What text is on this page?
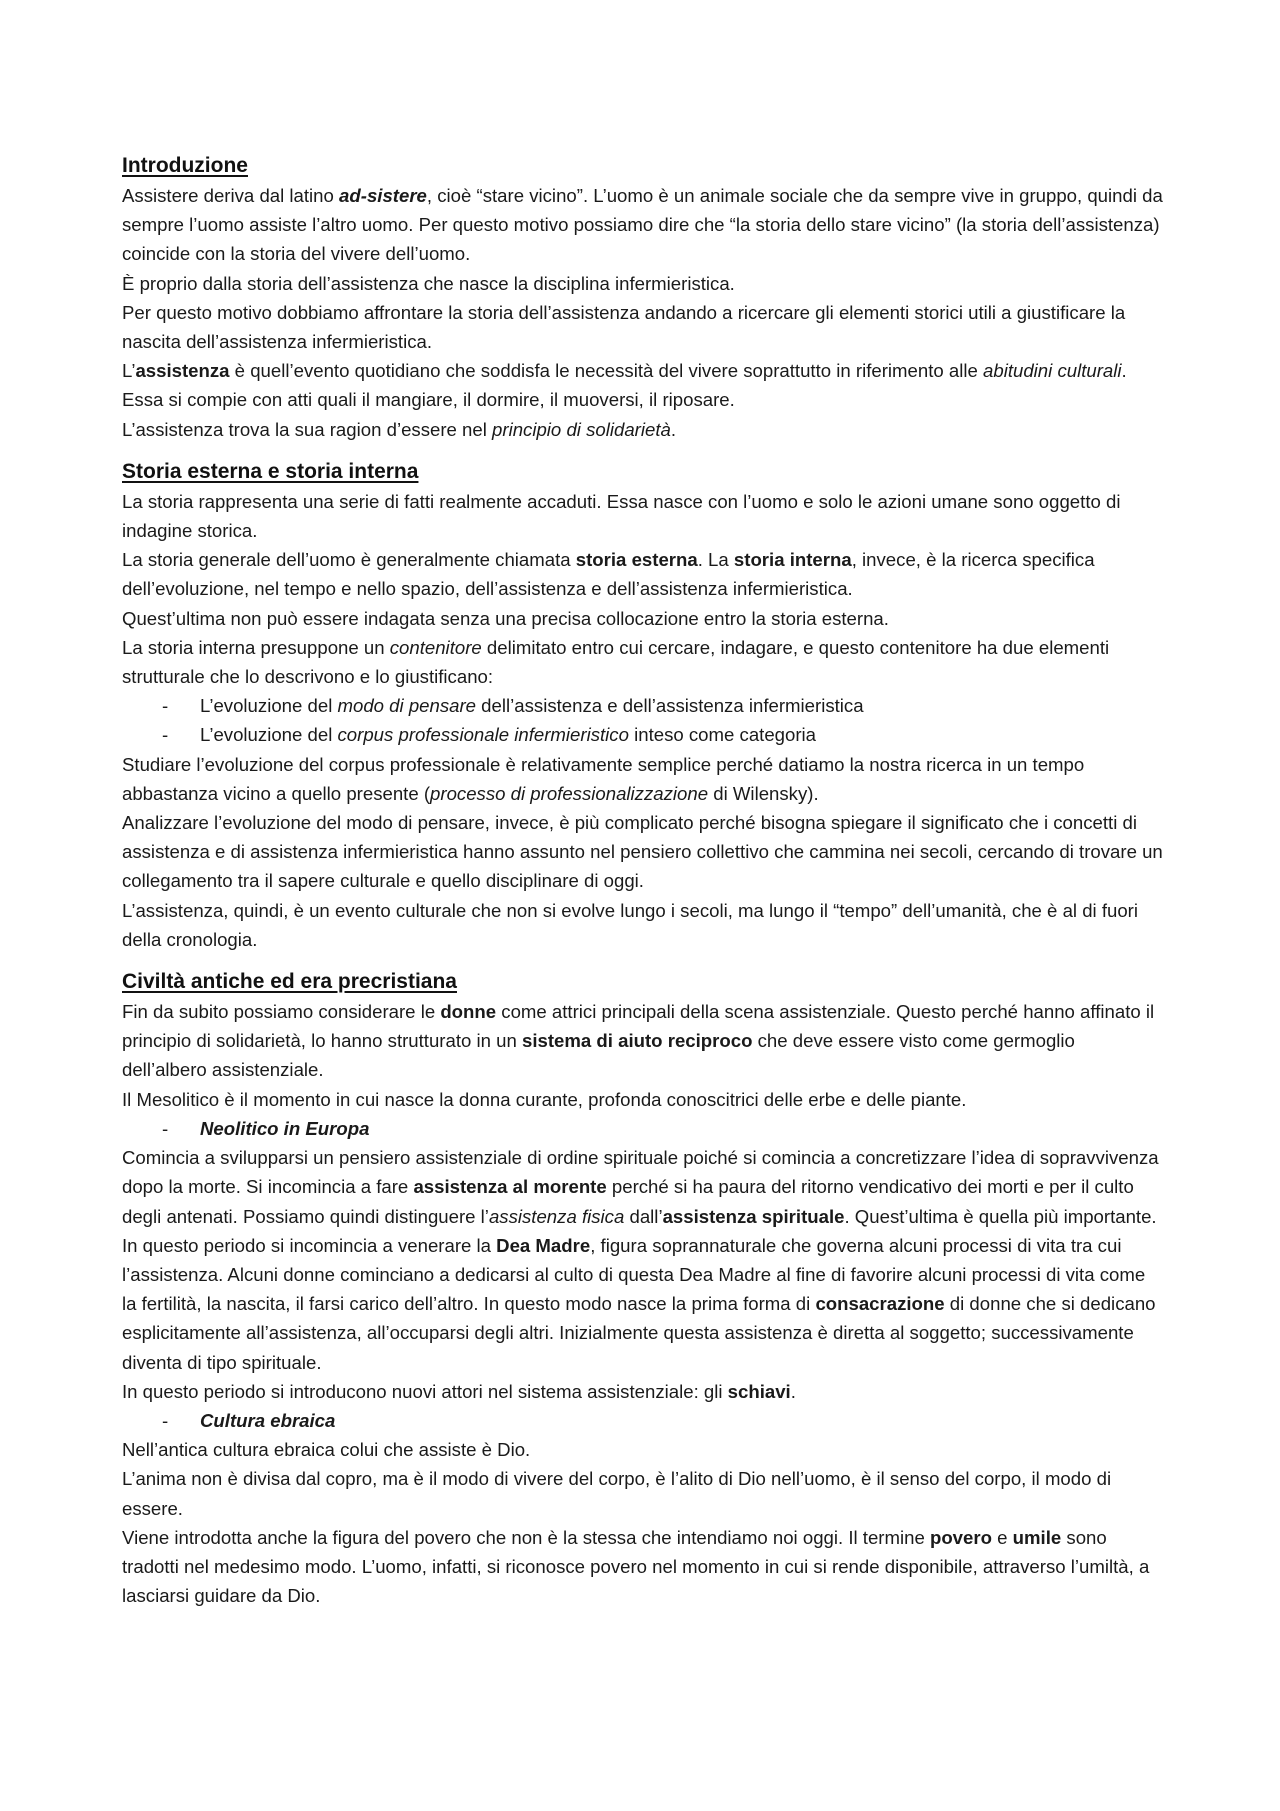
Introduzione

Assistere deriva dal latino ad-sistere, cioè “stare vicino”. L’uomo è un animale sociale che da sempre vive in gruppo, quindi da sempre l’uomo assiste l’altro uomo. Per questo motivo possiamo dire che “la storia dello stare vicino” (la storia dell’assistenza) coincide con la storia del vivere dell’uomo.

È proprio dalla storia dell’assistenza che nasce la disciplina infermieristica.

Per questo motivo dobbiamo affrontare la storia dell’assistenza andando a ricercare gli elementi storici utili a giustificare la nascita dell’assistenza infermieristica.

L’assistenza è quell’evento quotidiano che soddisfa le necessità del vivere soprattutto in riferimento alle abitudini culturali. Essa si compie con atti quali il mangiare, il dormire, il muoversi, il riposare.

L’assistenza trova la sua ragion d’essere nel principio di solidarietà.

Storia esterna e storia interna

La storia rappresenta una serie di fatti realmente accaduti. Essa nasce con l’uomo e solo le azioni umane sono oggetto di indagine storica.

La storia generale dell’uomo è generalmente chiamata storia esterna. La storia interna, invece, è la ricerca specifica dell’evoluzione, nel tempo e nello spazio, dell’assistenza e dell’assistenza infermieristica.

Quest’ultima non può essere indagata senza una precisa collocazione entro la storia esterna.

La storia interna presuppone un contenitore delimitato entro cui cercare, indagare, e questo contenitore ha due elementi strutturale che lo descrivono e lo giustificano:

- L’evoluzione del modo di pensare dell’assistenza e dell’assistenza infermieristica

- L’evoluzione del corpus professionale infermieristico inteso come categoria

Studiare l’evoluzione del corpus professionale è relativamente semplice perché datiamo la nostra ricerca in un tempo abbastanza vicino a quello presente (processo di professionalizzazione di Wilensky).

Analizzare l’evoluzione del modo di pensare, invece, è più complicato perché bisogna spiegare il significato che i concetti di assistenza e di assistenza infermieristica hanno assunto nel pensiero collettivo che cammina nei secoli, cercando di trovare un collegamento tra il sapere culturale e quello disciplinare di oggi.

L’assistenza, quindi, è un evento culturale che non si evolve lungo i secoli, ma lungo il “tempo” dell’umanità, che è al di fuori della cronologia.

Civiltà antiche ed era precristiana

Fin da subito possiamo considerare le donne come attrici principali della scena assistenziale. Questo perché hanno affinato il principio di solidarietà, lo hanno strutturato in un sistema di aiuto reciproco che deve essere visto come germoglio dell’albero assistenziale.

Il Mesolitico è il momento in cui nasce la donna curante, profonda conoscitrici delle erbe e delle piante.

- Neolitico in Europa

Comincia a svilupparsi un pensiero assistenziale di ordine spirituale poiché si comincia a concretizzare l’idea di sopravvivenza dopo la morte. Si incomincia a fare assistenza al morente perché si ha paura del ritorno vendicativo dei morti e per il culto degli antenati. Possiamo quindi distinguere l’assistenza fisica dall’assistenza spirituale. Quest’ultima è quella più importante.

In questo periodo si incomincia a venerare la Dea Madre, figura soprannaturale che governa alcuni processi di vita tra cui l’assistenza. Alcuni donne cominciano a dedicarsi al culto di questa Dea Madre al fine di favorire alcuni processi di vita come la fertilità, la nascita, il farsi carico dell’altro. In questo modo nasce la prima forma di consacrazione di donne che si dedicano esplicitamente all’assistenza, all’occuparsi degli altri. Inizialmente questa assistenza è diretta al soggetto; successivamente diventa di tipo spirituale.

In questo periodo si introducono nuovi attori nel sistema assistenziale: gli schiavi.

- Cultura ebraica

Nell’antica cultura ebraica colui che assiste è Dio.

L’anima non è divisa dal copro, ma è il modo di vivere del corpo, è l’alito di Dio nell’uomo, è il senso del corpo, il modo di essere.

Viene introdotta anche la figura del povero che non è la stessa che intendiamo noi oggi. Il termine povero e umile sono tradotti nel medesimo modo. L’uomo, infatti, si riconosce povero nel momento in cui si rende disponibile, attraverso l’umiltà, a lasciarsi guidare da Dio.
